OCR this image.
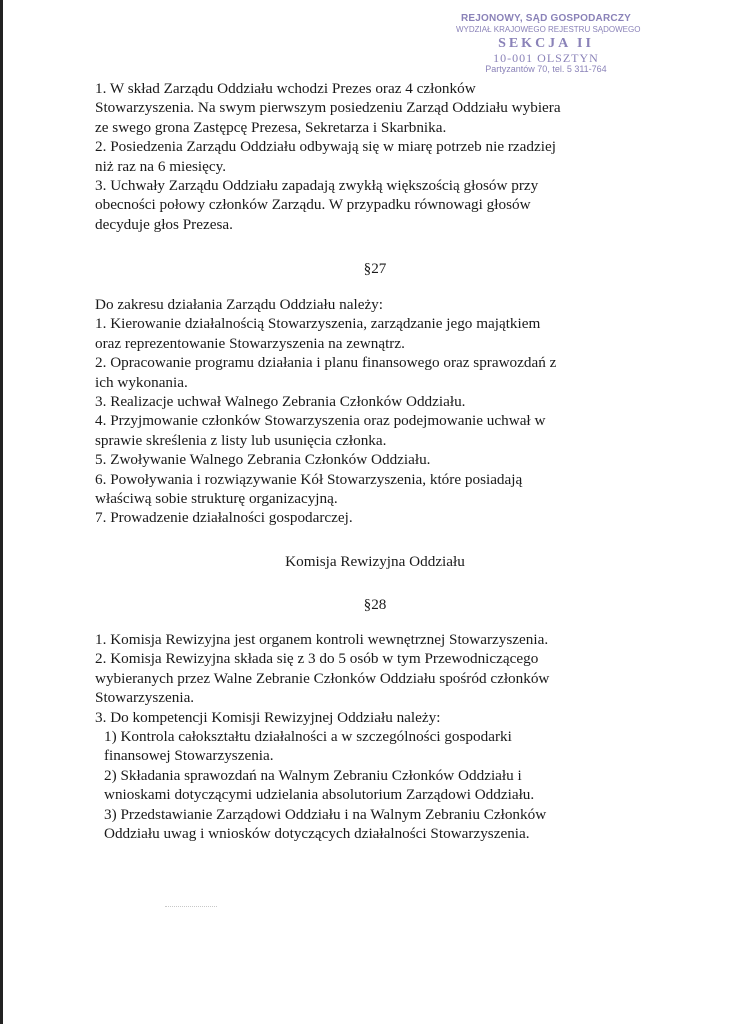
REJONOWY, SĄD GOSPODARCZY
WYDZIAŁ KRAJOWEGO REJESTRU SĄDOWEGO
SEKCJA II
10-001 OLSZTYN
Partyzantów 70, tel. 5 311-764

1. W skład Zarządu Oddziału wchodzi Prezes oraz 4 członków

Stowarzyszenia. Na swym pierwszym posiedzeniu Zarząd Oddziału wybiera

ze swego grona Zastępcę Prezesa, Sekretarza i Skarbnika.

2. Posiedzenia Zarządu Oddziału odbywają się w miarę potrzeb nie rzadziej

niż raz na 6 miesięcy.

3. Uchwały Zarządu Oddziału zapadają zwykłą większością głosów przy

obecności połowy członków Zarządu. W przypadku równowagi głosów

decyduje głos Prezesa.

§27

Do zakresu działania Zarządu Oddziału należy:

1. Kierowanie działalnością Stowarzyszenia, zarządzanie jego majątkiem

oraz reprezentowanie Stowarzyszenia na zewnątrz.

2. Opracowanie programu działania i planu finansowego oraz sprawozdań z

ich wykonania.

3. Realizacje uchwał Walnego Zebrania Członków Oddziału.

4. Przyjmowanie członków Stowarzyszenia oraz podejmowanie uchwał w

sprawie skreślenia z listy lub usunięcia członka.

5. Zwoływanie Walnego Zebrania Członków Oddziału.

6. Powoływania i rozwiązywanie Kół Stowarzyszenia, które posiadają

właściwą sobie strukturę organizacyjną.

7. Prowadzenie działalności gospodarczej.

Komisja Rewizyjna Oddziału
§28

1. Komisja Rewizyjna jest organem kontroli wewnętrznej Stowarzyszenia.

2. Komisja Rewizyjna składa się z 3 do 5 osób w tym Przewodniczącego

wybieranych przez Walne Zebranie Członków Oddziału spośród członków

Stowarzyszenia.

3. Do kompetencji Komisji Rewizyjnej Oddziału należy:

1) Kontrola całokształtu działalności a w szczególności gospodarki

finansowej Stowarzyszenia.

2) Składania sprawozdań na Walnym Zebraniu Członków Oddziału i

wnioskami dotyczącymi udzielania absolutorium Zarządowi Oddziału.

3) Przedstawianie Zarządowi Oddziału i na Walnym Zebraniu Członków

Oddziału uwag i wniosków dotyczących działalności Stowarzyszenia.
